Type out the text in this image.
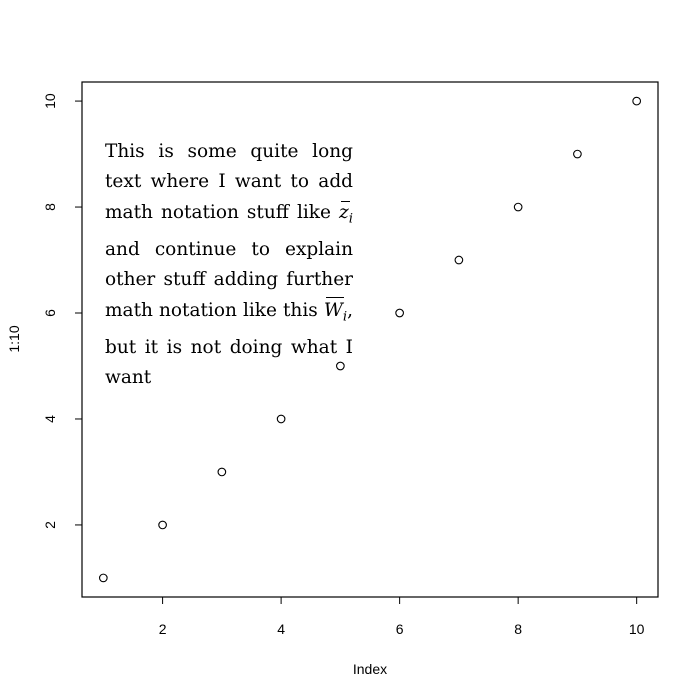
2	4	6	8	10
2
4
6
8
10
Index
1:10
This is some quite long text where I want to add math notation stuff like $z_i$ and continue to explain other stuff adding further math notation like this $W_i$, but it is not doing what I want
